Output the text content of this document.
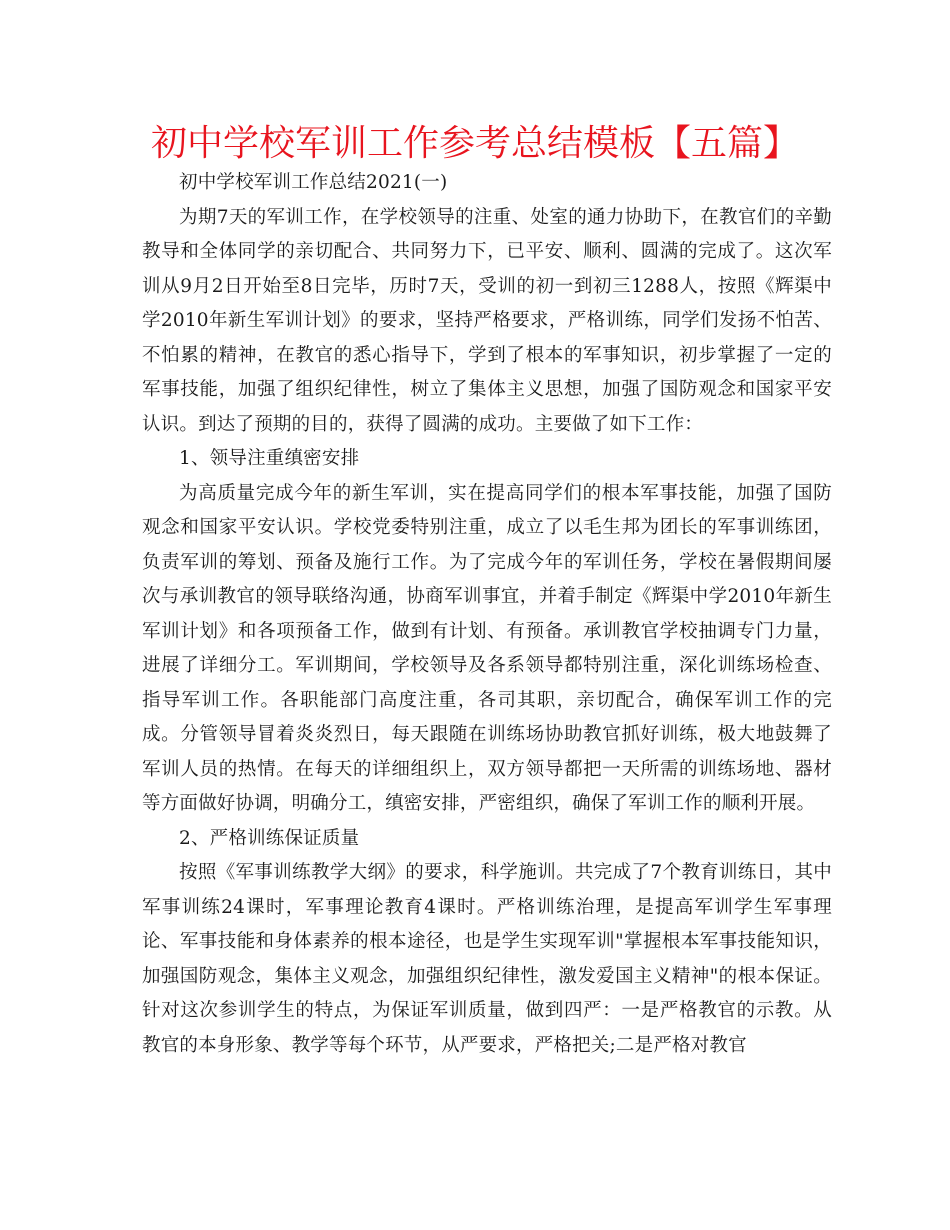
初中学校军训工作参考总结模板【五篇】

初中学校军训工作总结2021(一)

为期7天的军训工作，在学校领导的注重、处室的通力协助下，在教官们的辛勤教导和全体同学的亲切配合、共同努力下，已平安、顺利、圆满的完成了。这次军训从9月2日开始至8日完毕，历时7天，受训的初一到初三1288人，按照《辉渠中学2010年新生军训计划》的要求，坚持严格要求，严格训练，同学们发扬不怕苦、不怕累的精神，在教官的悉心指导下，学到了根本的军事知识，初步掌握了一定的军事技能，加强了组织纪律性，树立了集体主义思想，加强了国防观念和国家平安认识。到达了预期的目的，获得了圆满的成功。主要做了如下工作：

1、领导注重缜密安排

为高质量完成今年的新生军训，实在提高同学们的根本军事技能，加强了国防观念和国家平安认识。学校党委特别注重，成立了以毛生邦为团长的军事训练团，负责军训的筹划、预备及施行工作。为了完成今年的军训任务，学校在暑假期间屡次与承训教官的领导联络沟通，协商军训事宜，并着手制定《辉渠中学2010年新生军训计划》和各项预备工作，做到有计划、有预备。承训教官学校抽调专门力量，进展了详细分工。军训期间，学校领导及各系领导都特别注重，深化训练场检查、指导军训工作。各职能部门高度注重，各司其职，亲切配合，确保军训工作的完成。分管领导冒着炎炎烈日，每天跟随在训练场协助教官抓好训练，极大地鼓舞了军训人员的热情。在每天的详细组织上，双方领导都把一天所需的训练场地、器材等方面做好协调，明确分工，缜密安排，严密组织，确保了军训工作的顺利开展。

2、严格训练保证质量

按照《军事训练教学大纲》的要求，科学施训。共完成了7个教育训练日，其中军事训练24课时，军事理论教育4课时。严格训练治理，是提高军训学生军事理论、军事技能和身体素养的根本途径，也是学生实现军训"掌握根本军事技能知识，加强国防观念，集体主义观念，加强组织纪律性，激发爱国主义精神"的根本保证。针对这次参训学生的特点，为保证军训质量，做到四严：一是严格教官的示教。从教官的本身形象、教学等每个环节，从严要求，严格把关;二是严格对教官
